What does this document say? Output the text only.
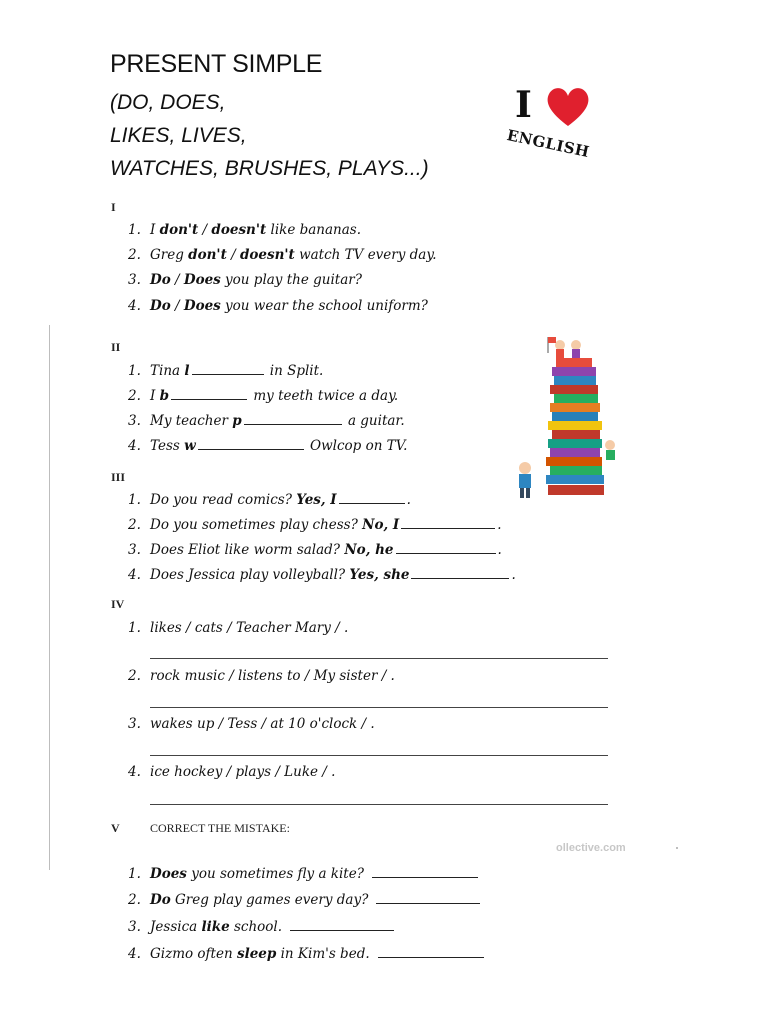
PRESENT SIMPLE
(DO, DOES,
LIKES, LIVES,
WATCHES, BRUSHES, PLAYS...)
I
ENGLISH
I
1. I don't / doesn't like bananas.
2. Greg don't / doesn't watch TV every day.
3. Do / Does you play the guitar?
4. Do / Does you wear the school uniform?
II
1. Tina l	in Split.
2. I b	my teeth twice a day.
3. My teacher p	a guitar.
4. Tess w	Owlcop on TV.
III
1. Do you read comics? Yes, I	.
2. Do you sometimes play chess? No, I	.
3. Does Eliot like worm salad? No, he	.
4. Does Jessica play volleyball? Yes, she	.
IV
1. likes / cats / Teacher Mary / .
2. rock music / listens to / My sister / .
3. wakes up / Tess / at 10 o'clock / .
4. ice hockey / plays / Luke / .
V	CORRECT THE MISTAKE:
ollective.com
1. Does you sometimes fly a kite?
2. Do Greg play games every day?
3. Jessica like school.
4. Gizmo often sleep in Kim's bed.
